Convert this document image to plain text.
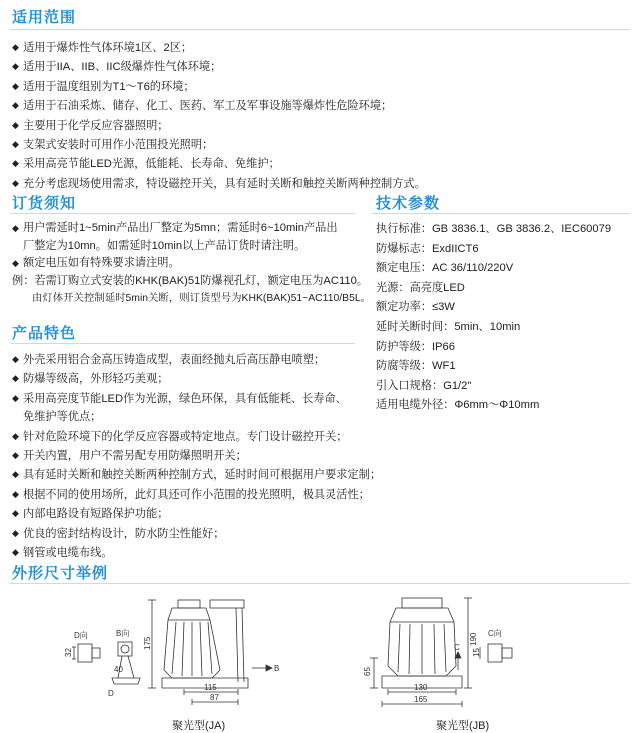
适用范围
◆ 适用于爆炸性气体环境1区、2区；
◆ 适用于IIA、IIB、IIC级爆炸性气体环境；
◆ 适用于温度组别为T1～T6的环境；
◆ 适用于石油采炼、储存、化工、医药、军工及军事设施等爆炸性危险环境；
◆ 主要用于化学反应容器照明；
◆ 支架式安装时可用作小范围投光照明；
◆ 采用高亮节能LED光源，低能耗、长寿命、免维护；
◆ 充分考虑现场使用需求，特设磁控开关，具有延时关断和触控关断两种控制方式。
订货须知

◆ 用户需延时1~5min产品出厂整定为5mn；需延时6~10min产品出

厂整定为10mn。如需延时10min以上产品订货时请注明。

◆ 额定电压如有特殊要求请注明。

例：若需订购立式安装的KHK(BAK)51防爆视孔灯，额定电压为AC110。

由灯体开关控制延时5min关断，则订货型号为KHK(BAK)51~AC110/B5L。

产品特色
◆ 外壳采用铝合金高压铸造成型，表面经抛丸后高压静电喷塑；
◆ 防爆等级高，外形轻巧美观；
◆ 采用高亮度节能LED作为光源，绿色环保，具有低能耗、长寿命、
免维护等优点；
◆ 针对危险环境下的化学反应容器或特定地点。专门设计磁控开关；
◆ 开关内置，用户不需另配专用防爆照明开关；
◆ 具有延时关断和触控关断两种控制方式，延时时间可根据用户要求定制；
◆ 根据不同的使用场所，此灯具还可作小范围的投光照明，极具灵活性；
◆ 内部电路设有短路保护功能；
◆ 优良的密封结构设计，防水防尘性能好；
◆ 钢管或电缆布线。
技术参数
执行标准：GB 3836.1、GB 3836.2、IEC60079
防爆标志：ExdIICT6
额定电压：AC 36/110/220V
光源：高亮度LED
额定功率：≤3W
延时关断时间：5min、10min
防护等级：IP66
防腐等级：WF1
引入口规格：G1/2"
适用电缆外径：Φ6mm～Φ10mm
外形尺寸举例
D向	B向
32
40
D
175
115
87
B
聚光型(JA)
190
65
130
165
C
C向
15
聚光型(JB)
